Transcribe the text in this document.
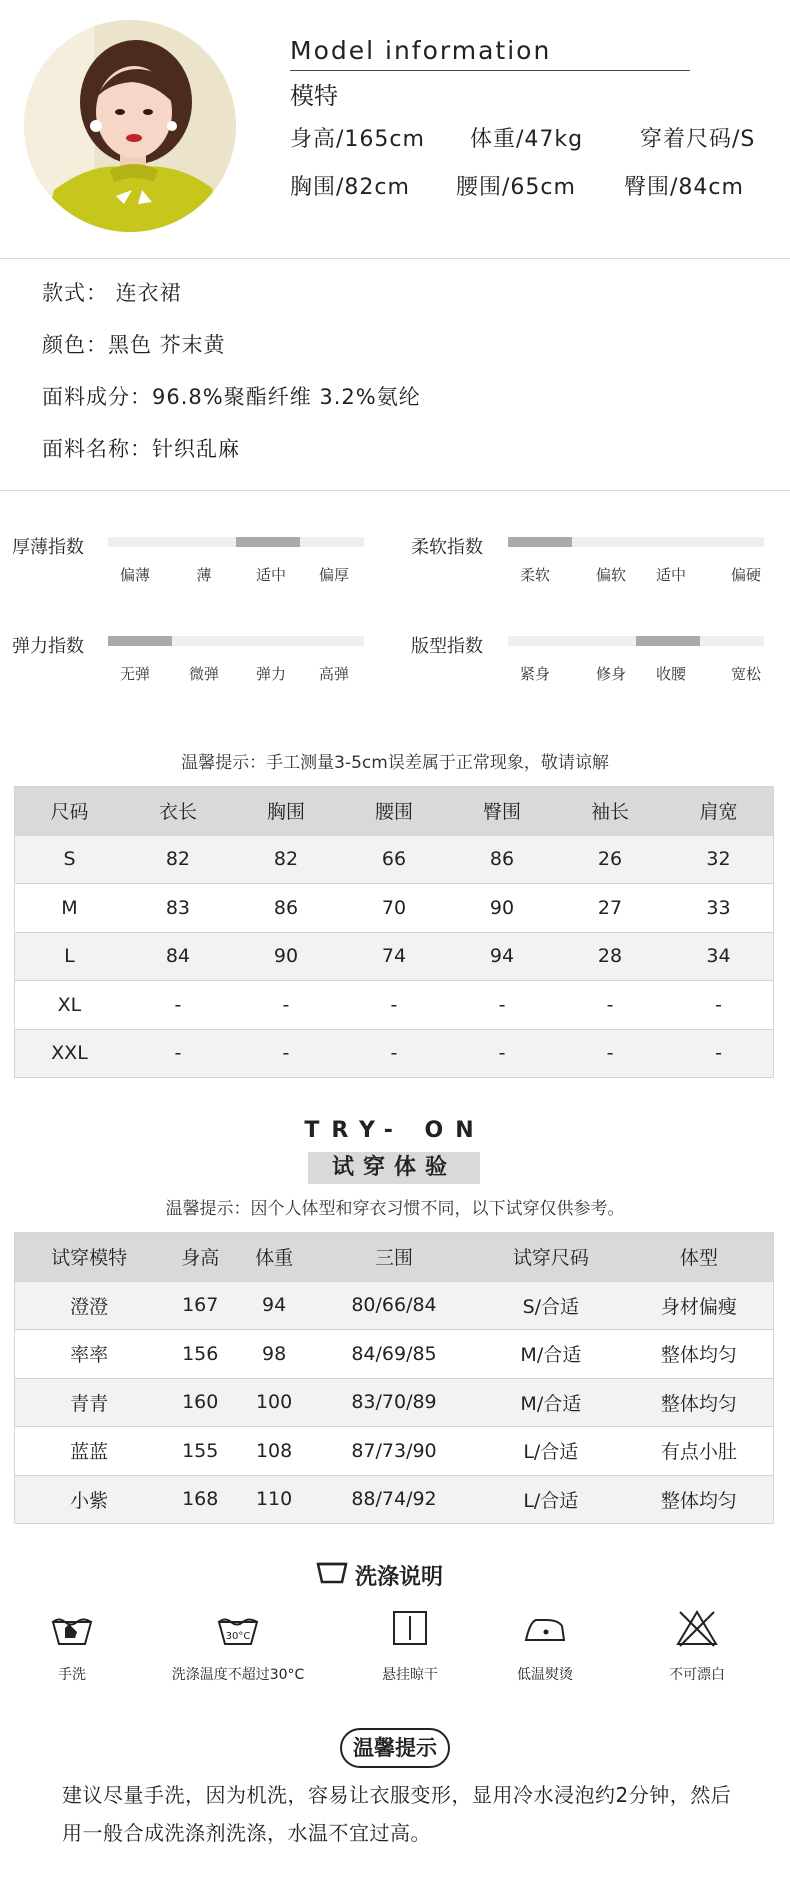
Model information
模特
身高/165cm 体重/47kg	穿着尺码/S
胸围/82cm 腰围/65cm 臀围/84cm
款式： 连衣裙
颜色：黑色 芥末黄
面料成分：96.8%聚酯纤维 3.2%氨纶
面料名称：针织乱麻
厚薄指数
偏薄	薄	适中 偏厚
柔软指数
柔软	偏软 适中	偏硬
弹力指数
无弹	微弹 弹力 高弹
版型指数
紧身	修身 收腰	宽松
温馨提示：手工测量3-5cm误差属于正常现象，敬请谅解
尺码	衣长	胸围	腰围	臀围	袖长	肩宽
S	82	82	66	86	26	32
M	83	86	70	90	27	33
L	84	90	74	94	28	34
XL	-	-	-	-	-	-
XXL	-	-	-	-	-	-
TRY- ON
试穿体验
温馨提示：因个人体型和穿衣习惯不同，以下试穿仅供参考。
试穿模特	身高	体重	三围	试穿尺码	体型
澄澄	167	94	80/66/84	S/合适	身材偏瘦
率率	156	98	84/69/85	M/合适	整体均匀
青青	160	100	83/70/89	M/合适	整体均匀
蓝蓝	155	108	87/73/90	L/合适	有点小肚
小紫	168	110	88/74/92	L/合适	整体均匀
洗涤说明
手洗
30°C
洗涤温度不超过30°C	悬挂晾干	低温熨烫	不可漂白
温馨提示
建议尽量手洗，因为机洗，容易让衣服变形，显用冷水浸泡约2分钟，然后用一般合成洗涤剂洗涤，水温不宜过高。
